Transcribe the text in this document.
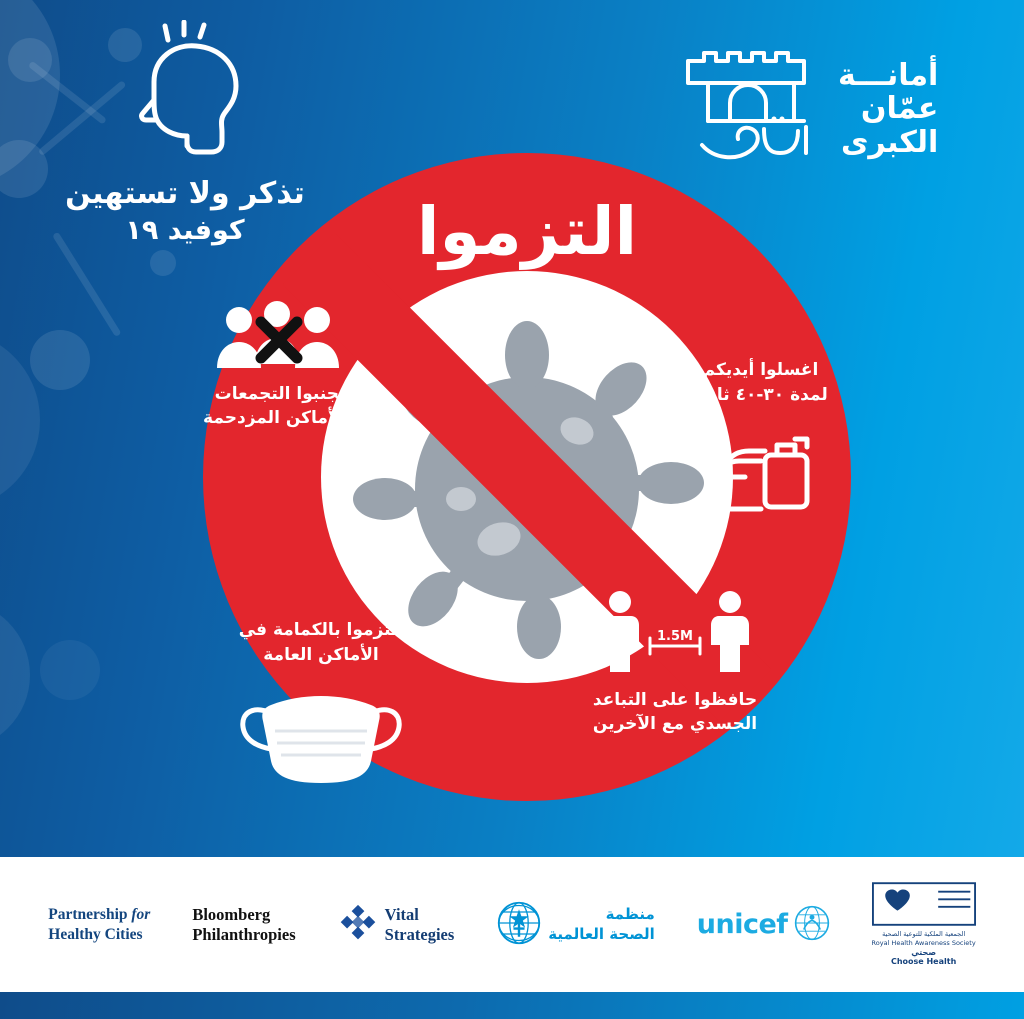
تذكر ولا تستهين
كوفيد ١٩
أمانـــة
عمّان
الكبرى
التزموا
تجنبوا التجمعات
والأماكن المزدحمة
اغسلوا أيديكم
لمدة ٣٠-٤٠ ثانية
1.5M
حافظوا على التباعد
الجسدي مع الآخرين
التزموا بالكمامة في
الأماكن العامة
Partnership for
Healthy Cities
Bloomberg
Philanthropies
Vital
Strategies
منظمة
الصحة العالمية unicef	الجمعية الملكية للتوعية الصحية
Royal Health Awareness Society
صحتي
Choose Health
